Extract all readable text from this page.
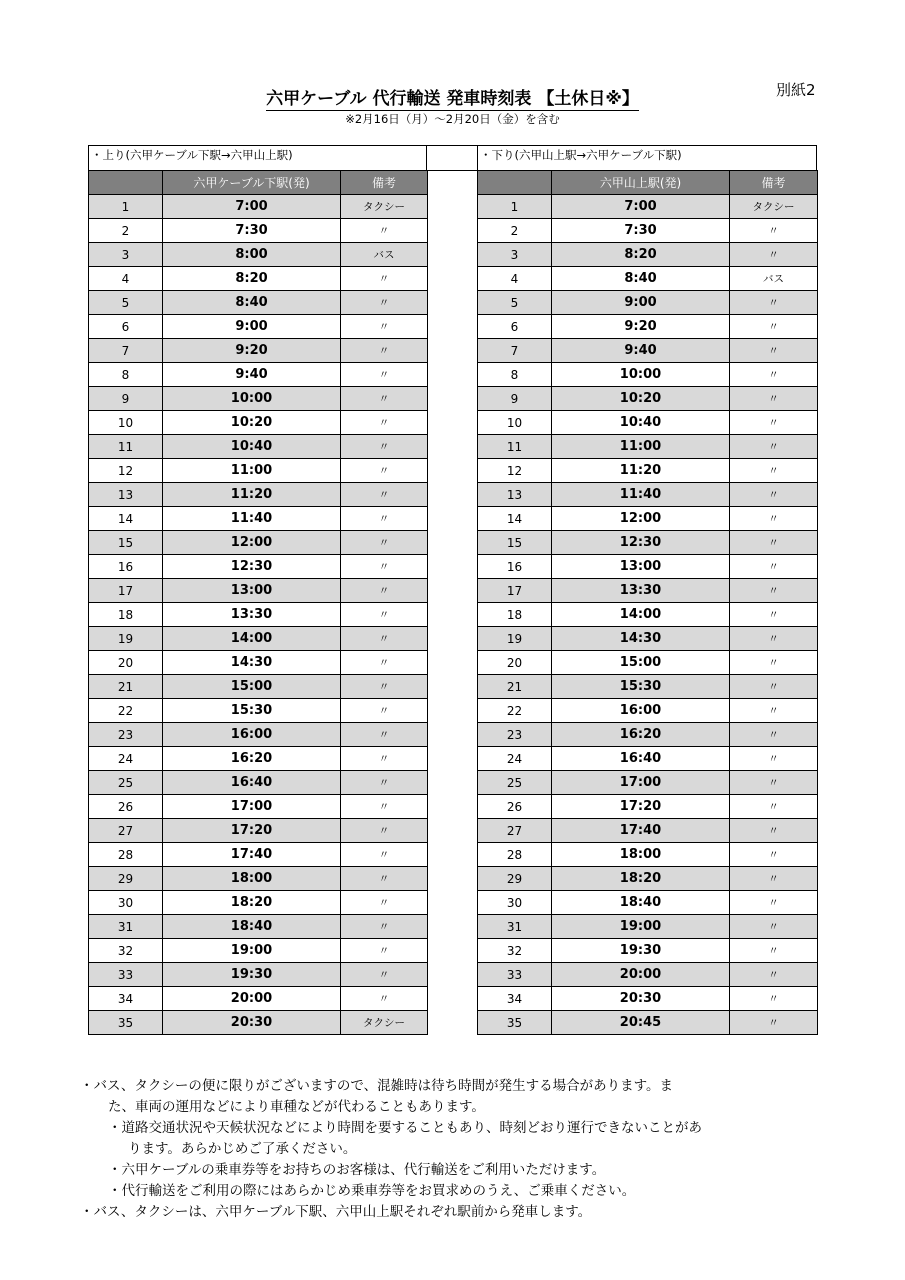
六甲ケーブル 代行輸送 発車時刻表 【土休日※】
※2月16日（月）～2月20日（金）を含む
別紙2
・上り(六甲ケーブル下駅→六甲山上駅)	・下り(六甲山上駅→六甲ケーブル下駅)
	六甲ケーブル下駅(発)	備考
1	7:00	タクシー
2	7:30	〃
3	8:00	バス
4	8:20	〃
5	8:40	〃
6	9:00	〃
7	9:20	〃
8	9:40	〃
9	10:00	〃
10	10:20	〃
11	10:40	〃
12	11:00	〃
13	11:20	〃
14	11:40	〃
15	12:00	〃
16	12:30	〃
17	13:00	〃
18	13:30	〃
19	14:00	〃
20	14:30	〃
21	15:00	〃
22	15:30	〃
23	16:00	〃
24	16:20	〃
25	16:40	〃
26	17:00	〃
27	17:20	〃
28	17:40	〃
29	18:00	〃
30	18:20	〃
31	18:40	〃
32	19:00	〃
33	19:30	〃
34	20:00	〃
35	20:30	タクシー
	六甲山上駅(発)	備考
1	7:00	タクシー
2	7:30	〃
3	8:20	〃
4	8:40	バス
5	9:00	〃
6	9:20	〃
7	9:40	〃
8	10:00	〃
9	10:20	〃
10	10:40	〃
11	11:00	〃
12	11:20	〃
13	11:40	〃
14	12:00	〃
15	12:30	〃
16	13:00	〃
17	13:30	〃
18	14:00	〃
19	14:30	〃
20	15:00	〃
21	15:30	〃
22	16:00	〃
23	16:20	〃
24	16:40	〃
25	17:00	〃
26	17:20	〃
27	17:40	〃
28	18:00	〃
29	18:20	〃
30	18:40	〃
31	19:00	〃
32	19:30	〃
33	20:00	〃
34	20:30	〃
35	20:45	〃
・バス、タクシーの便に限りがございますので、混雑時は待ち時間が発生する場合があります。ま
た、車両の運用などにより車種などが代わることもあります。
・道路交通状況や天候状況などにより時間を要することもあり、時刻どおり運行できないことがあ
ります。あらかじめご了承ください。
・六甲ケーブルの乗車券等をお持ちのお客様は、代行輸送をご利用いただけます。
・代行輸送をご利用の際にはあらかじめ乗車券等をお買求めのうえ、ご乗車ください。
・バス、タクシーは、六甲ケーブル下駅、六甲山上駅それぞれ駅前から発車します。
